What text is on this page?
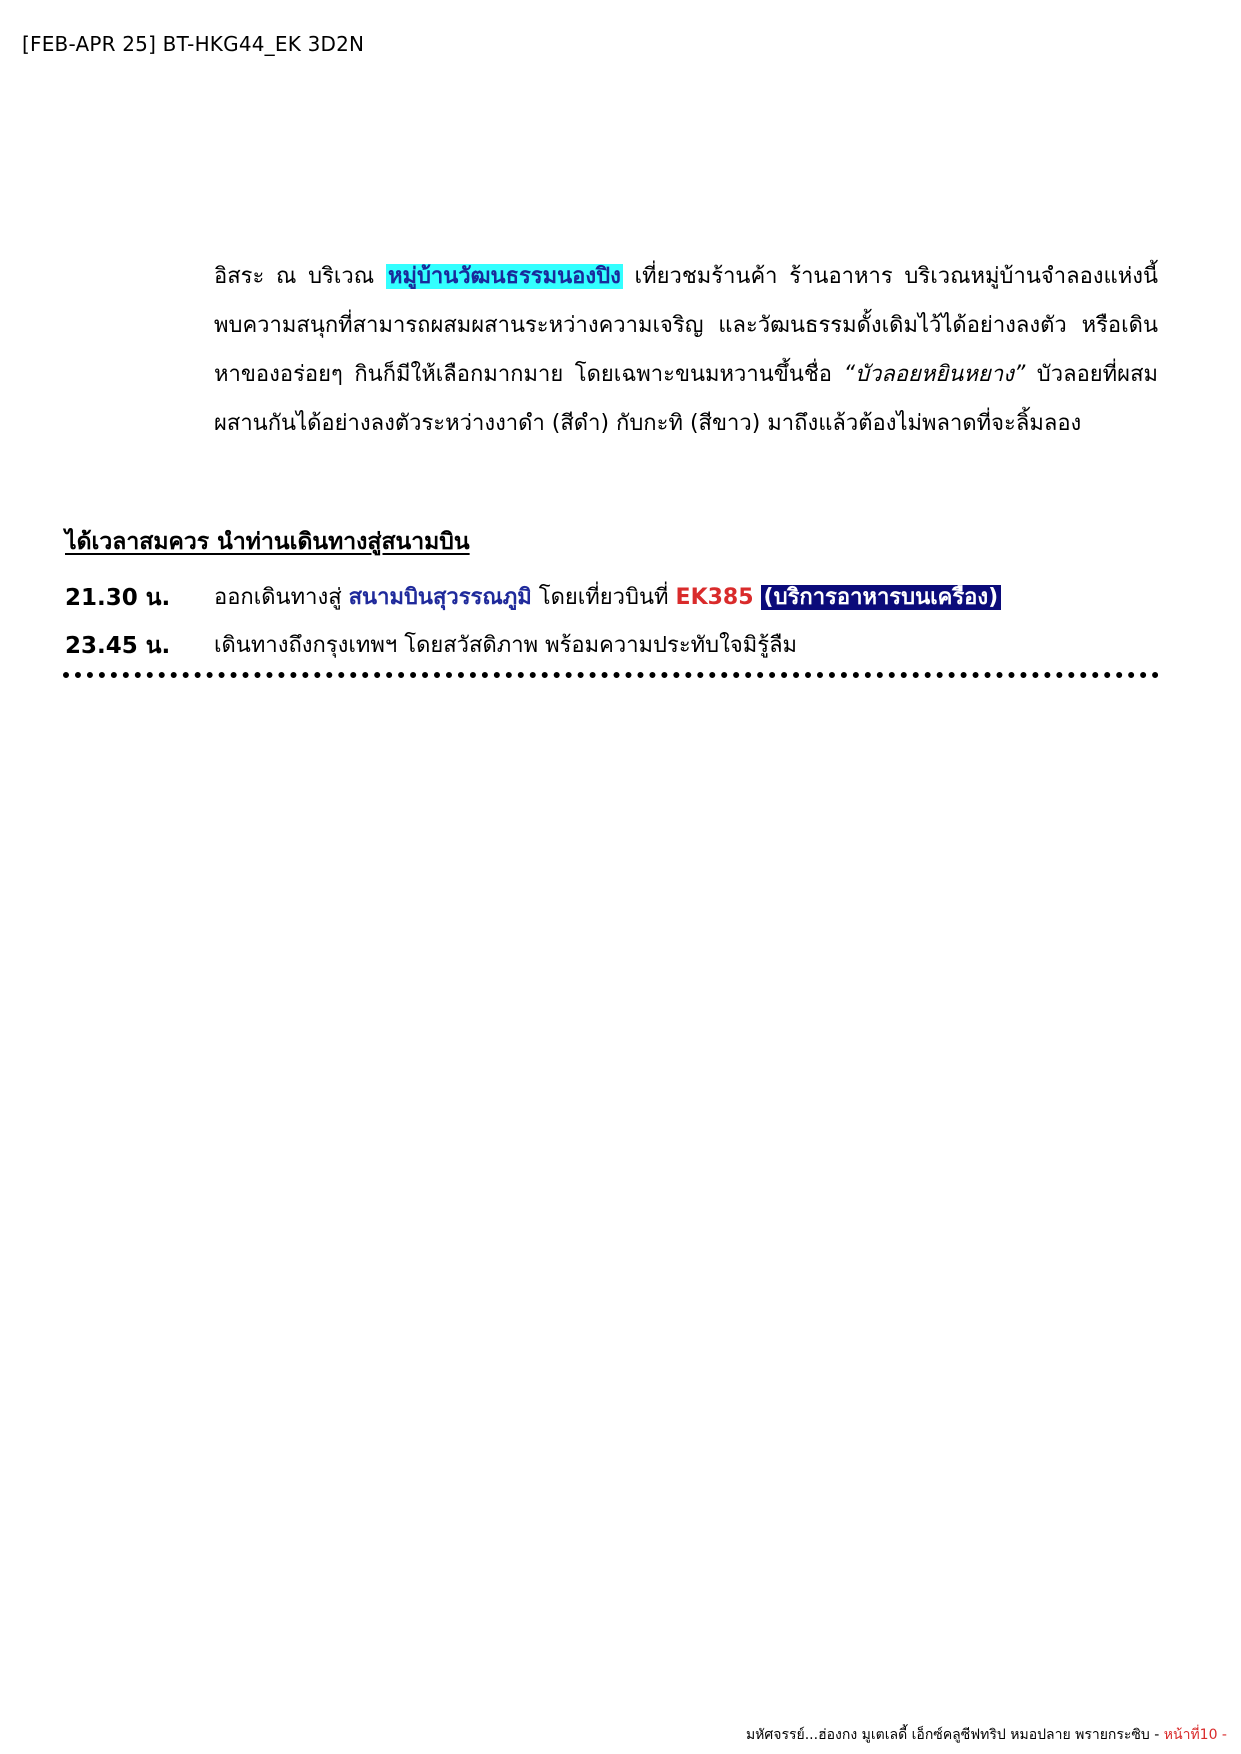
[FEB-APR 25] BT-HKG44_EK 3D2N
อิสระ ณ บริเวณ หมู่บ้านวัฒนธรรมนองปิง เที่ยวชมร้านค้า ร้านอาหาร บริเวณหมู่บ้านจำลองแห่งนี้ พบความสนุกที่สามารถผสมผสานระหว่างความเจริญ และวัฒนธรรมดั้งเดิมไว้ได้อย่างลงตัว หรือเดินหาของอร่อยๆ กินก็มีให้เลือกมากมาย โดยเฉพาะขนมหวานขึ้นชื่อ “บัวลอยหยินหยาง” บัวลอยที่ผสมผสานกันได้อย่างลงตัวระหว่างงาดำ (สีดำ) กับกะทิ (สีขาว) มาถึงแล้วต้องไม่พลาดที่จะลิ้มลอง
ได้เวลาสมควร นำท่านเดินทางสู่สนามบิน
21.30 น. ออกเดินทางสู่ สนามบินสุวรรณภูมิ โดยเที่ยวบินที่ EK385 (บริการอาหารบนเครื่อง)
23.45 น. เดินทางถึงกรุงเทพฯ โดยสวัสดิภาพ พร้อมความประทับใจมิรู้ลืม
มหัศจรรย์...ฮ่องกง มูเตเลดี้ เอ็กซ์คลูซีฟทริป หมอปลาย พรายกระซิบ - หน้าที่10 -
